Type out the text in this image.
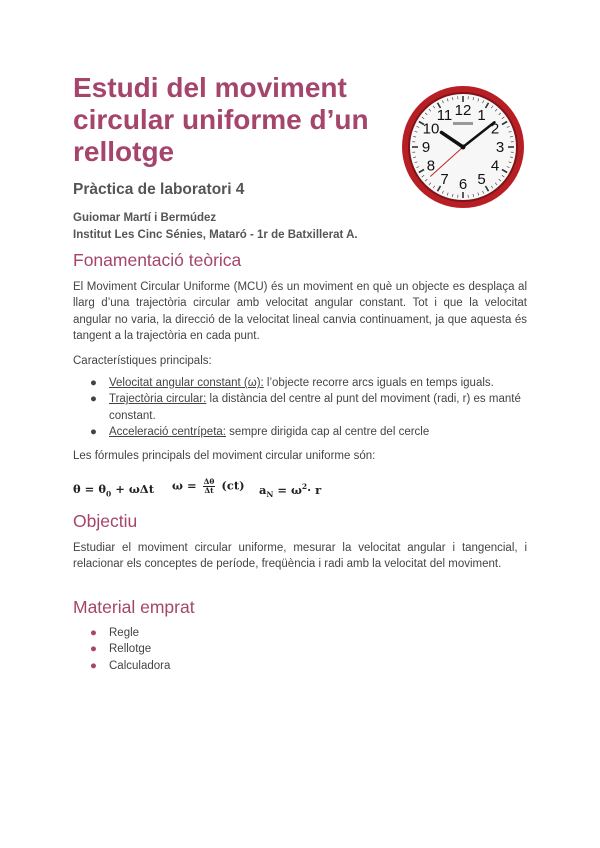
Estudi del moviment
circular uniforme d’un
rellotge
12 1
2
3
4
5
6
7
8
9
10
11
Pràctica de laboratori 4
Guiomar Martí i Bermúdez
Institut Les Cinc Sénies, Mataró - 1r de Batxillerat A.
Fonamentació teòrica

El Moviment Circular Uniforme (MCU) és un moviment en què un objecte es desplaça al llarg d’una trajectòria circular amb velocitat angular constant. Tot i que la velocitat angular no varia, la direcció de la velocitat lineal canvia continuament, ja que aquesta és tangent a la trajectòria en cada punt.

Característiques principals:

● Velocitat angular constant (ω): l’objecte recorre arcs iguals en temps iguals.
● Trajectòria circular: la distància del centre al punt del moviment (radi, r) es manté constant.
● Acceleració centrípeta: sempre dirigida cap al centre del cercle

Les fórmules principals del moviment circular uniforme són:

$\theta = \theta_0 + \omega\Delta t$ $\omega = \frac{\Delta\theta}{\Delta t} (ct) a_N = \omega^2\cdot r$
Objectiu

Estudiar el moviment circular uniforme, mesurar la velocitat angular i tangencial, i relacionar els conceptes de període, freqüència i radi amb la velocitat del moviment.

Material emprat
● Regle
● Rellotge
● Calculadora
